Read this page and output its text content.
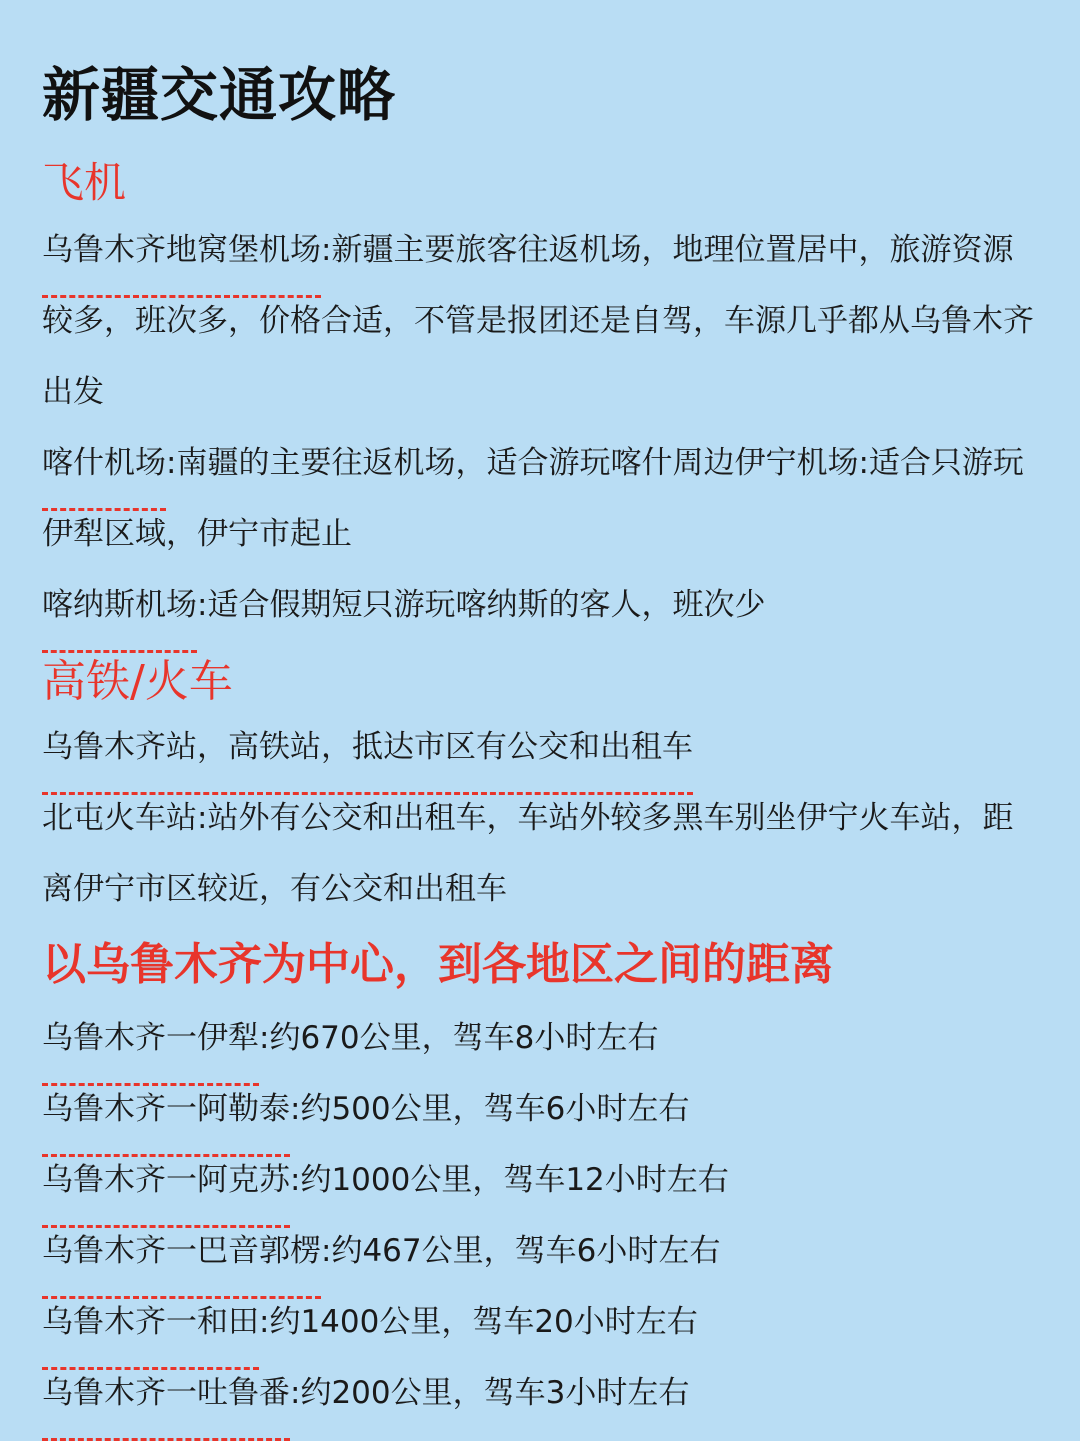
新疆交通攻略
飞机
乌鲁木齐地窝堡机场:新疆主要旅客往返机场，地理位置居中，旅游资源较多，班次多，价格合适，不管是报团还是自驾，车源几乎都从乌鲁木齐出发
喀什机场:南疆的主要往返机场，适合游玩喀什周边伊宁机场:适合只游玩伊犁区域，伊宁市起止
喀纳斯机场:适合假期短只游玩喀纳斯的客人，班次少
高铁/火车
乌鲁木齐站，高铁站，抵达市区有公交和出租车
北屯火车站:站外有公交和出租车，车站外较多黑车别坐伊宁火车站，距离伊宁市区较近，有公交和出租车
以乌鲁木齐为中心，到各地区之间的距离
乌鲁木齐一伊犁:约670公里，驾车8小时左右
乌鲁木齐一阿勒泰:约500公里，驾车6小时左右
乌鲁木齐一阿克苏:约1000公里，驾车12小时左右
乌鲁木齐一巴音郭楞:约467公里，驾车6小时左右
乌鲁木齐一和田:约1400公里，驾车20小时左右
乌鲁木齐一吐鲁番:约200公里，驾车3小时左右
